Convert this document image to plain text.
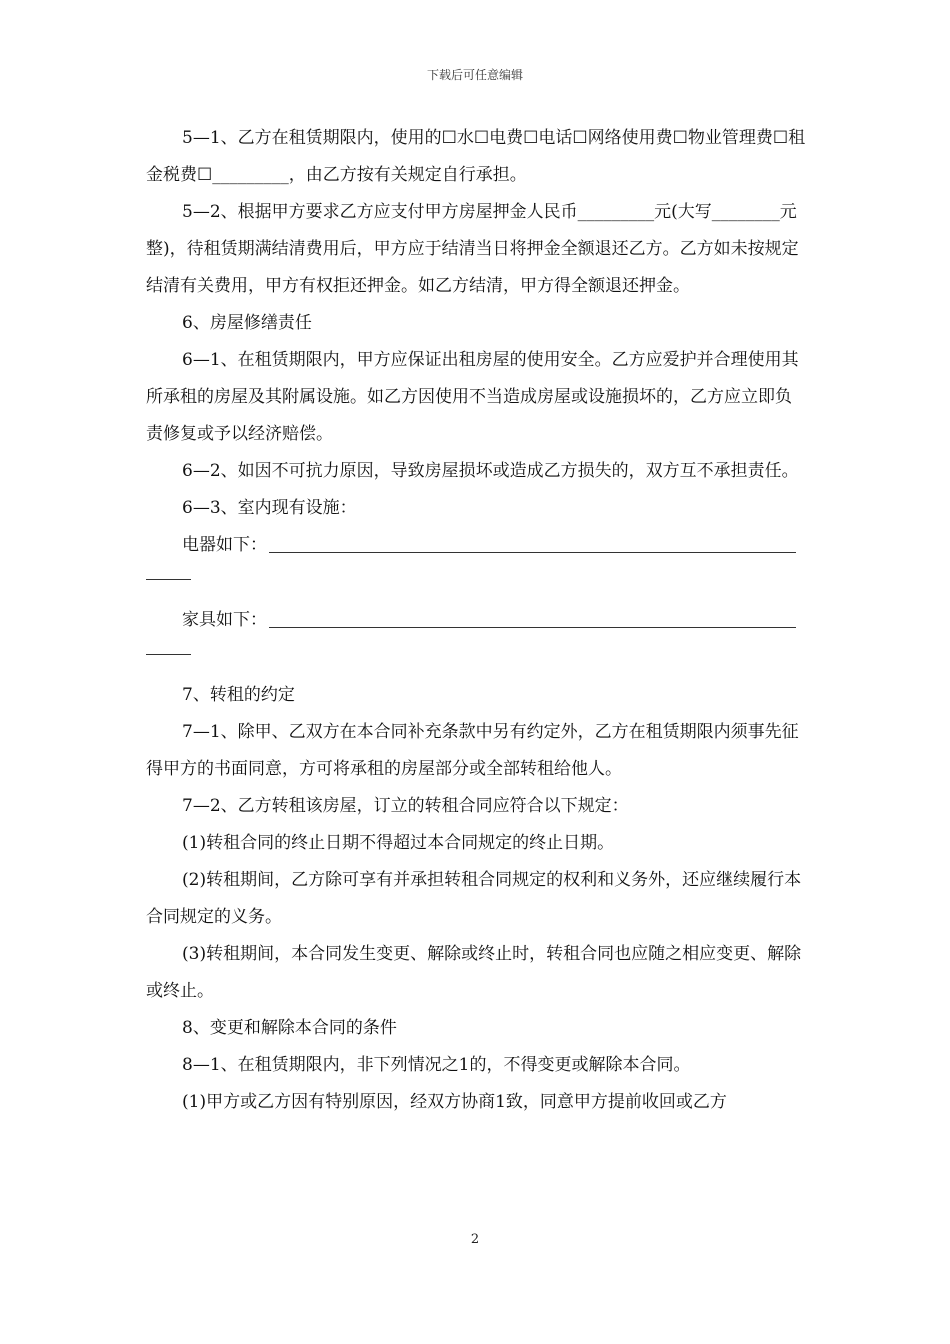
下载后可任意编辑

5—1、乙方在租赁期限内，使用的☐水☐电费☐电话☐网络使用费☐物业管理费☐租金税费☐_________，由乙方按有关规定自行承担。

5—2、根据甲方要求乙方应支付甲方房屋押金人民币_________元(大写________元整)，待租赁期满结清费用后，甲方应于结清当日将押金全额退还乙方。乙方如未按规定结清有关费用，甲方有权拒还押金。如乙方结清，甲方得全额退还押金。

6、房屋修缮责任

6—1、在租赁期限内，甲方应保证出租房屋的使用安全。乙方应爱护并合理使用其所承租的房屋及其附属设施。如乙方因使用不当造成房屋或设施损坏的，乙方应立即负责修复或予以经济赔偿。

6—2、如因不可抗力原因，导致房屋损坏或造成乙方损失的，双方互不承担责任。

6—3、室内现有设施：

电器如下：
家具如下：

7、转租的约定

7—1、除甲、乙双方在本合同补充条款中另有约定外，乙方在租赁期限内须事先征得甲方的书面同意，方可将承租的房屋部分或全部转租给他人。

7—2、乙方转租该房屋，订立的转租合同应符合以下规定：

(1)转租合同的终止日期不得超过本合同规定的终止日期。

(2)转租期间，乙方除可享有并承担转租合同规定的权利和义务外，还应继续履行本合同规定的义务。

(3)转租期间，本合同发生变更、解除或终止时，转租合同也应随之相应变更、解除或终止。

8、变更和解除本合同的条件

8—1、在租赁期限内，非下列情况之1的，不得变更或解除本合同。

(1)甲方或乙方因有特别原因，经双方协商1致，同意甲方提前收回或乙方

2
